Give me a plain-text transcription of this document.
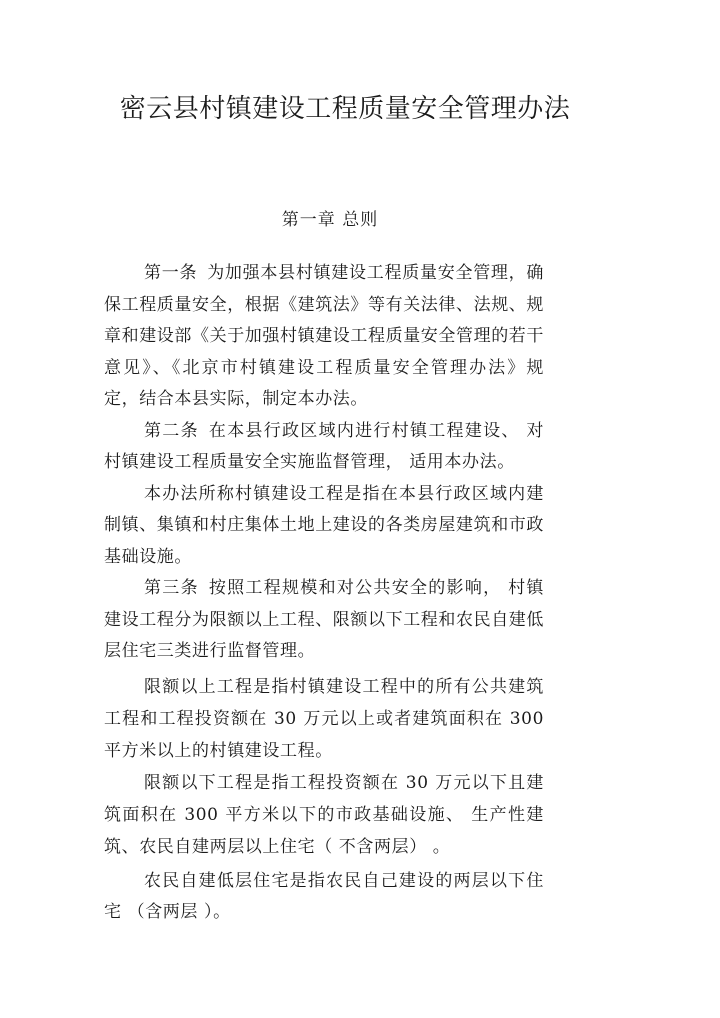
密云县村镇建设工程质量安全管理办法
第一章 总则

第一条 为加强本县村镇建设工程质量安全管理，确保工程质量安全，根据《建筑法》等有关法律、法规、规章和建设部《关于加强村镇建设工程质量安全管理的若干意见》、《北京市村镇建设工程质量安全管理办法》规定，结合本县实际，制定本办法。

第二条 在本县行政区域内进行村镇工程建设、 对村镇建设工程质量安全实施监督管理， 适用本办法。

本办法所称村镇建设工程是指在本县行政区域内建制镇、集镇和村庄集体土地上建设的各类房屋建筑和市政基础设施。

第三条 按照工程规模和对公共安全的影响， 村镇建设工程分为限额以上工程、限额以下工程和农民自建低层住宅三类进行监督管理。

限额以上工程是指村镇建设工程中的所有公共建筑工程和工程投资额在 30 万元以上或者建筑面积在 300 平方米以上的村镇建设工程。

限额以下工程是指工程投资额在 30 万元以下且建筑面积在 300 平方米以下的市政基础设施、 生产性建筑、农民自建两层以上住宅（ 不含两层） 。

农民自建低层住宅是指农民自己建设的两层以下住宅 （含两层 ）。
